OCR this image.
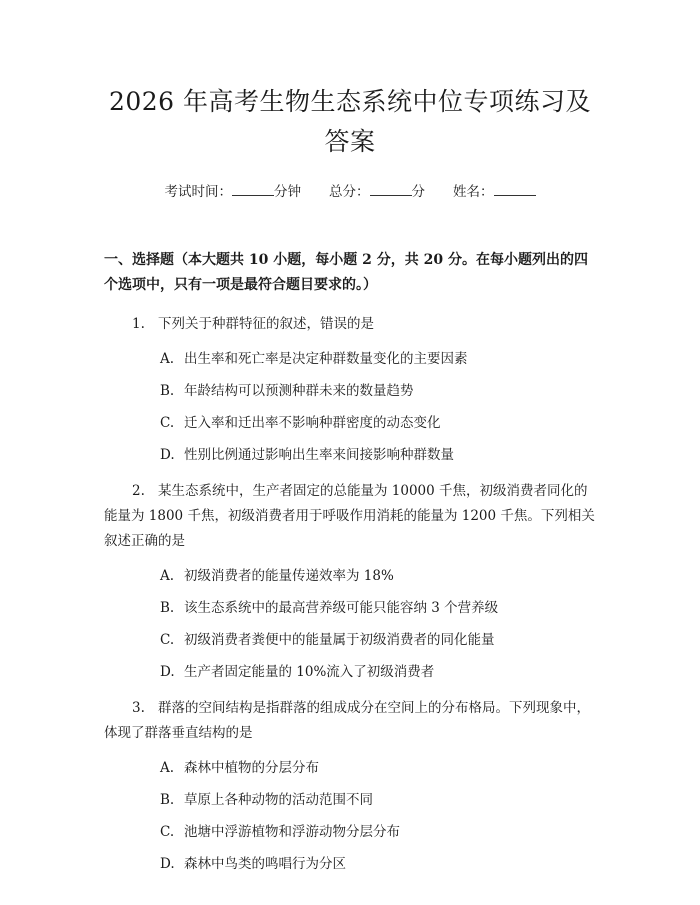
2026 年高考生物生态系统中位专项练习及答案
考试时间：	分钟 总分：	分 姓名：
一、选择题（本大题共 10 小题，每小题 2 分，共 20 分。在每小题列出的四个选项中，只有一项是最符合题目要求的。）
1. 下列关于种群特征的叙述，错误的是
A. 出生率和死亡率是决定种群数量变化的主要因素
B. 年龄结构可以预测种群未来的数量趋势
C. 迁入率和迁出率不影响种群密度的动态变化
D. 性别比例通过影响出生率来间接影响种群数量
2. 某生态系统中，生产者固定的总能量为 10000 千焦，初级消费者同化的能量为 1800 千焦，初级消费者用于呼吸作用消耗的能量为 1200 千焦。下列相关叙述正确的是
A. 初级消费者的能量传递效率为 18%
B. 该生态系统中的最高营养级可能只能容纳 3 个营养级
C. 初级消费者粪便中的能量属于初级消费者的同化能量
D. 生产者固定能量的 10%流入了初级消费者
3. 群落的空间结构是指群落的组成成分在空间上的分布格局。下列现象中，体现了群落垂直结构的是
A. 森林中植物的分层分布
B. 草原上各种动物的活动范围不同
C. 池塘中浮游植物和浮游动物分层分布
D. 森林中鸟类的鸣唱行为分区
